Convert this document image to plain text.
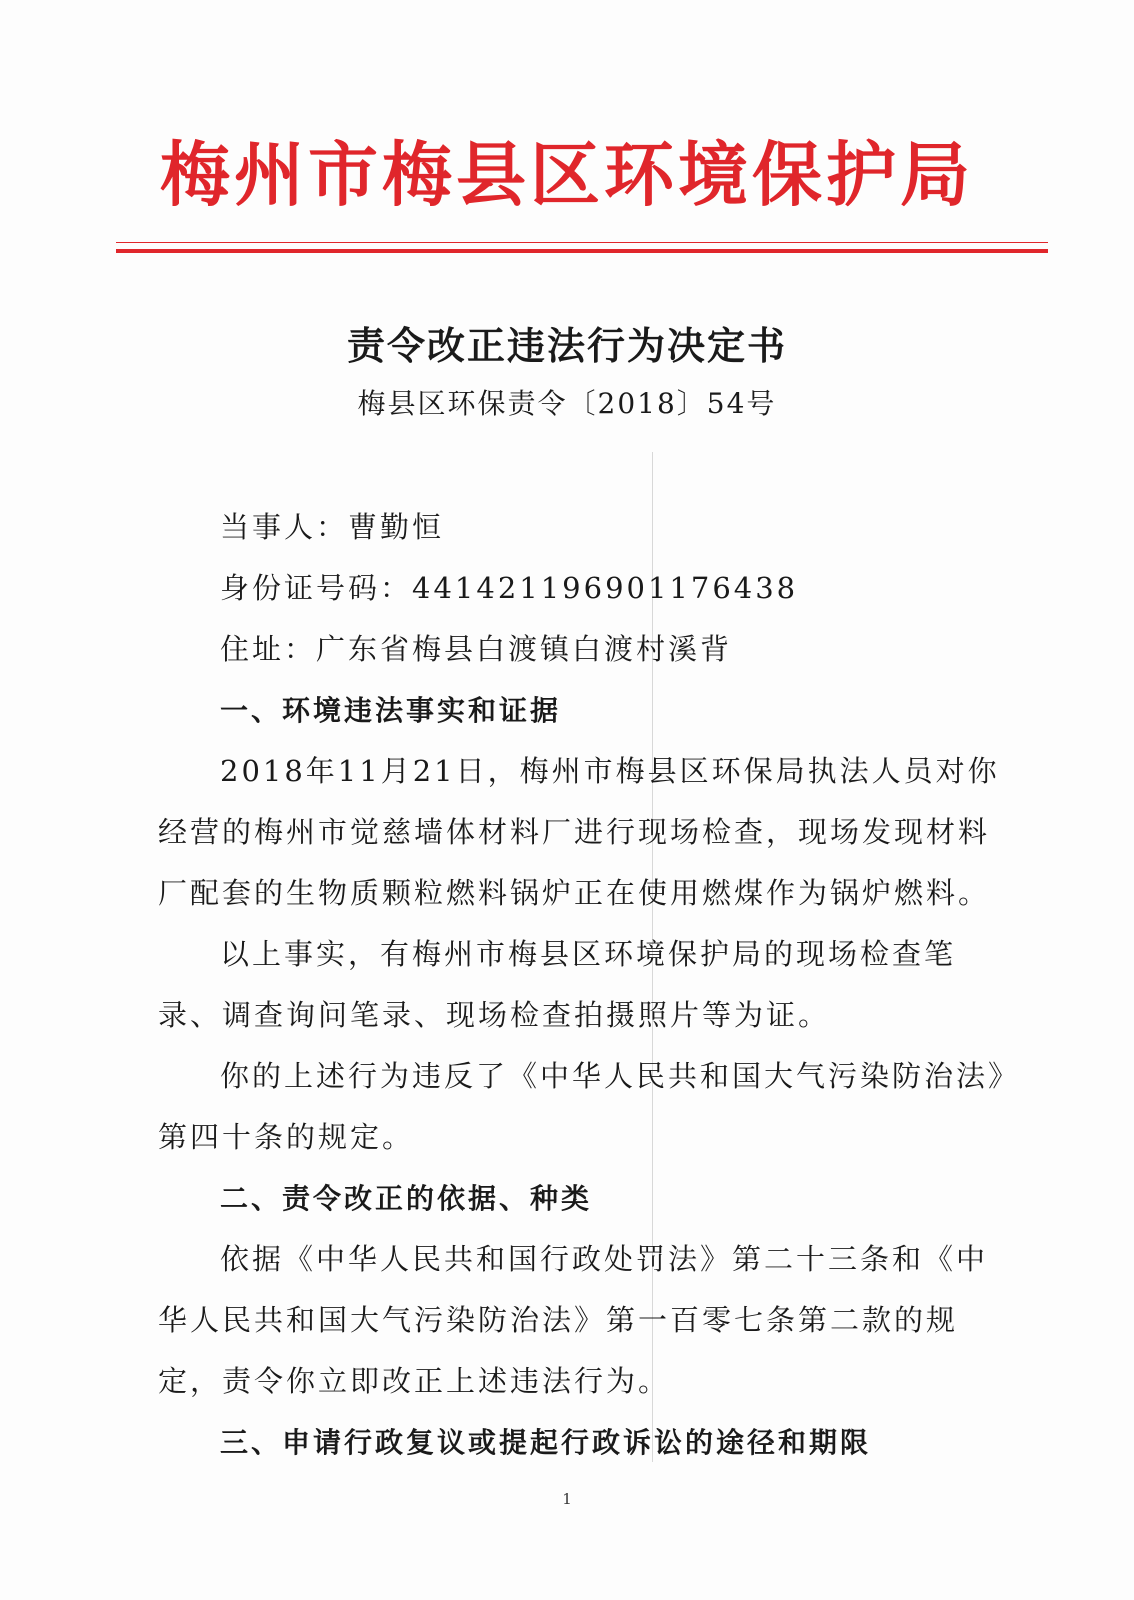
梅州市梅县区环境保护局
责令改正违法行为决定书
梅县区环保责令〔2018〕54号

当事人：曹勤恒

身份证号码：441421196901176438

住址：广东省梅县白渡镇白渡村溪背

一、环境违法事实和证据

2018年11月21日，梅州市梅县区环保局执法人员对你经营的梅州市觉慈墙体材料厂进行现场检查，现场发现材料厂配套的生物质颗粒燃料锅炉正在使用燃煤作为锅炉燃料。

以上事实，有梅州市梅县区环境保护局的现场检查笔录、调查询问笔录、现场检查拍摄照片等为证。

你的上述行为违反了《中华人民共和国大气污染防治法》第四十条的规定。

二、责令改正的依据、种类

依据《中华人民共和国行政处罚法》第二十三条和《中华人民共和国大气污染防治法》第一百零七条第二款的规定，责令你立即改正上述违法行为。

三、申请行政复议或提起行政诉讼的途径和期限

1
